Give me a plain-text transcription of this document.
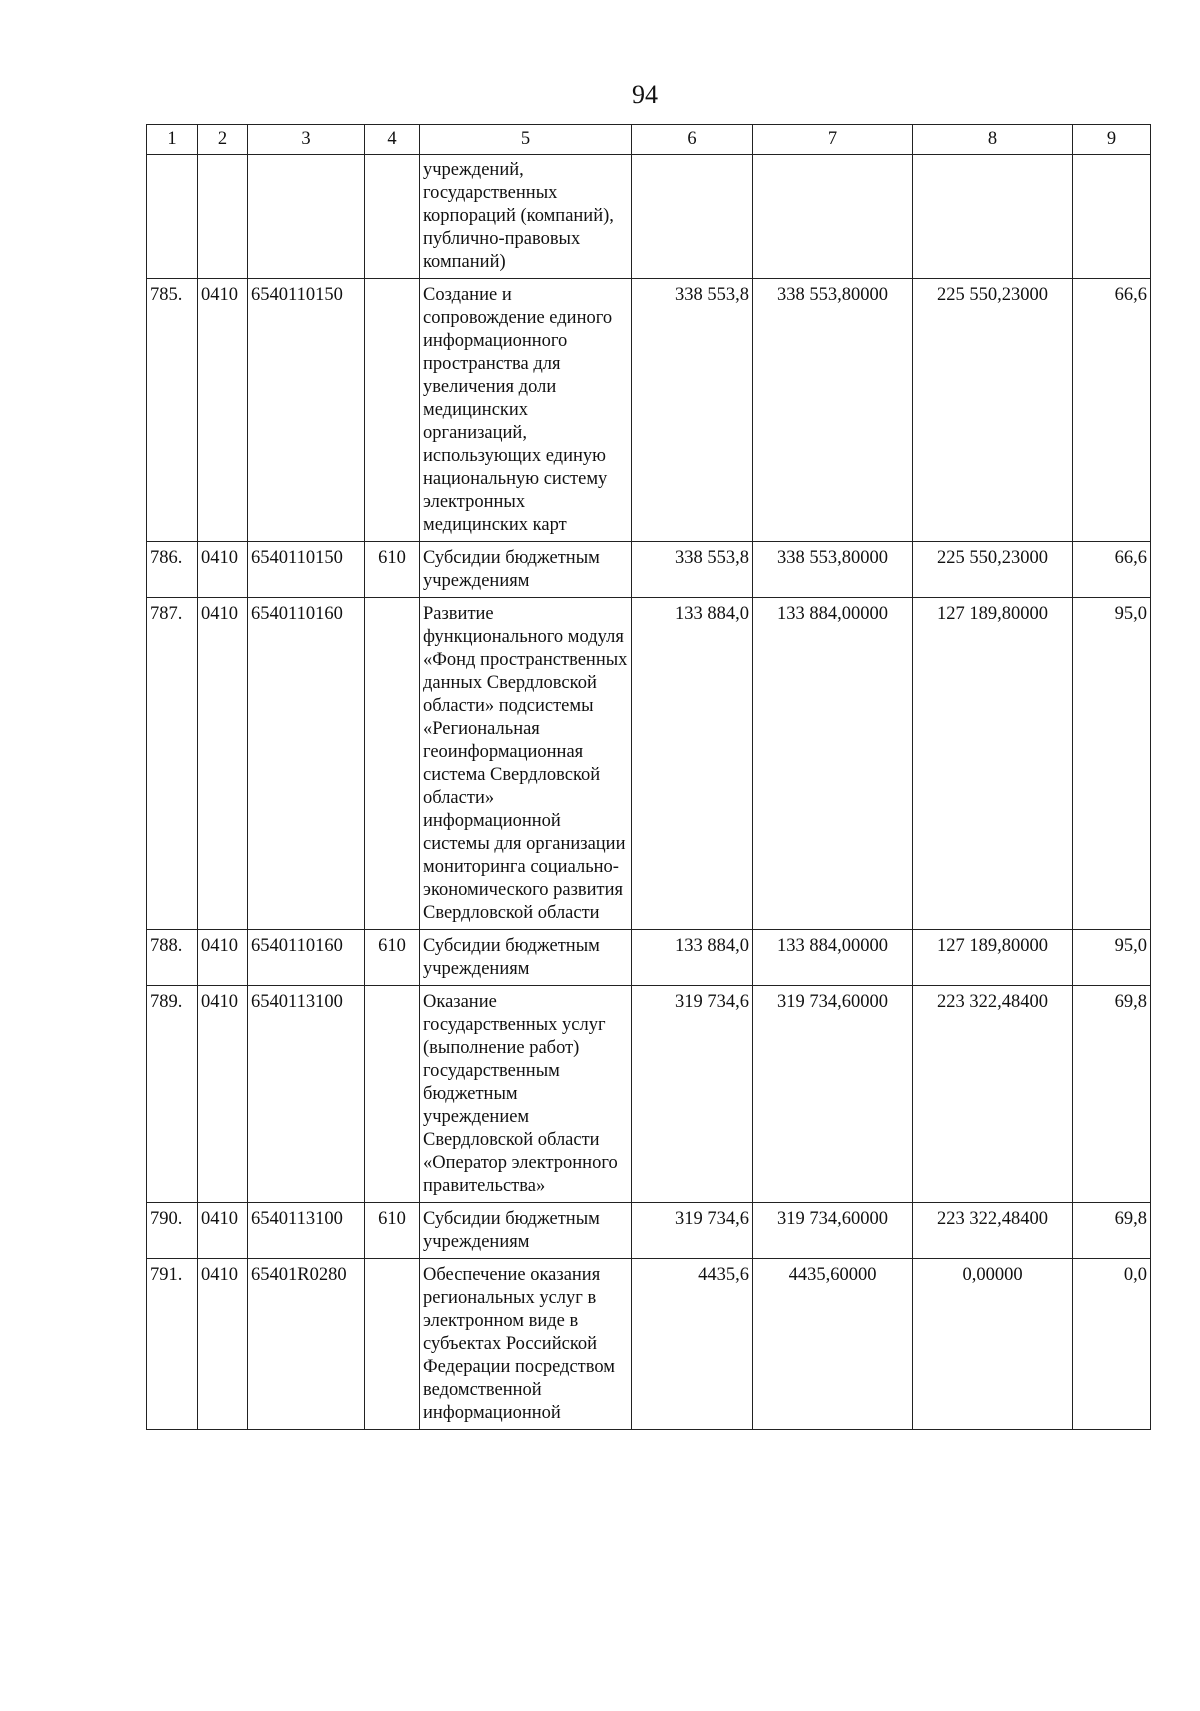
94
1	2	3	4	5	6	7	8	9
				учреждений, государственных корпораций (компаний), публично-правовых компаний)				
785.	0410	6540110150		Создание и сопровождение единого информационного пространства для увеличения доли медицинских организаций, использующих единую национальную систему электронных медицинских карт	338 553,8	338 553,80000	225 550,23000	66,6
786.	0410	6540110150	610	Субсидии бюджетным учреждениям	338 553,8	338 553,80000	225 550,23000	66,6
787.	0410	6540110160		Развитие функционального модуля «Фонд пространственных данных Свердловской области» подсистемы «Региональная геоинформационная система Свердловской области» информационной системы для организации мониторинга социально-экономического развития Свердловской области	133 884,0	133 884,00000	127 189,80000	95,0
788.	0410	6540110160	610	Субсидии бюджетным учреждениям	133 884,0	133 884,00000	127 189,80000	95,0
789.	0410	6540113100		Оказание государственных услуг (выполнение работ) государственным бюджетным учреждением Свердловской области «Оператор электронного правительства»	319 734,6	319 734,60000	223 322,48400	69,8
790.	0410	6540113100	610	Субсидии бюджетным учреждениям	319 734,6	319 734,60000	223 322,48400	69,8
791.	0410	65401R0280		Обеспечение оказания региональных услуг в электронном виде в субъектах Российской Федерации посредством ведомственной информационной	4435,6	4435,60000	0,00000	0,0
